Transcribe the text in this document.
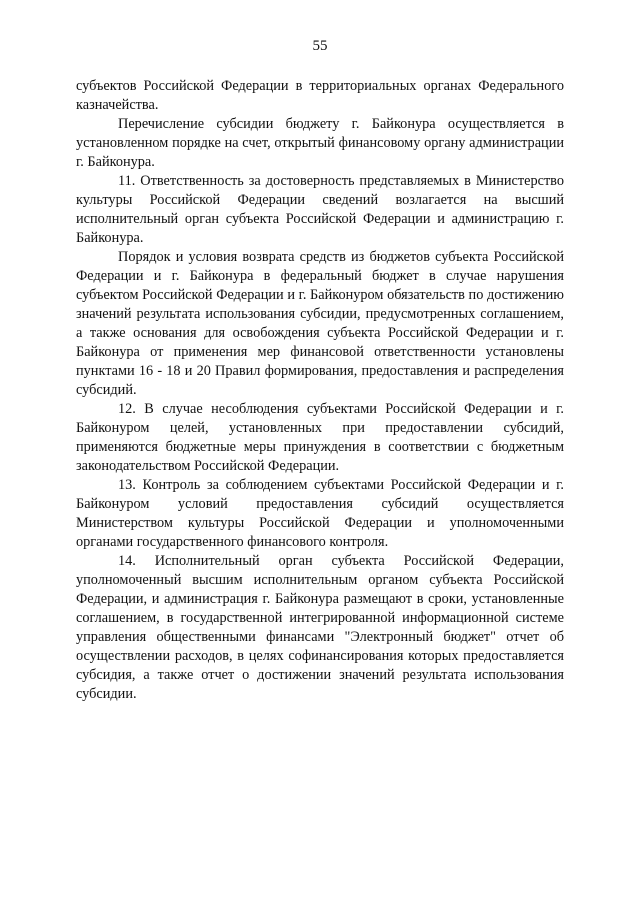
55

субъектов Российской Федерации в территориальных органах Федерального казначейства.

Перечисление субсидии бюджету г. Байконура осуществляется в установленном порядке на счет, открытый финансовому органу администрации г. Байконура.

11. Ответственность за достоверность представляемых в Министерство культуры Российской Федерации сведений возлагается на высший исполнительный орган субъекта Российской Федерации и администрацию г. Байконура.

Порядок и условия возврата средств из бюджетов субъекта Российской Федерации и г. Байконура в федеральный бюджет в случае нарушения субъектом Российской Федерации и г. Байконуром обязательств по достижению значений результата использования субсидии, предусмотренных соглашением, а также основания для освобождения субъекта Российской Федерации и г. Байконура от применения мер финансовой ответственности установлены пунктами 16 - 18 и 20 Правил формирования, предоставления и распределения субсидий.

12. В случае несоблюдения субъектами Российской Федерации и г. Байконуром целей, установленных при предоставлении субсидий, применяются бюджетные меры принуждения в соответствии с бюджетным законодательством Российской Федерации.

13. Контроль за соблюдением субъектами Российской Федерации и г. Байконуром условий предоставления субсидий осуществляется Министерством культуры Российской Федерации и уполномоченными органами государственного финансового контроля.

14. Исполнительный орган субъекта Российской Федерации, уполномоченный высшим исполнительным органом субъекта Российской Федерации, и администрация г. Байконура размещают в сроки, установленные соглашением, в государственной интегрированной информационной системе управления общественными финансами "Электронный бюджет" отчет об осуществлении расходов, в целях софинансирования которых предоставляется субсидия, а также отчет о достижении значений результата использования субсидии.
